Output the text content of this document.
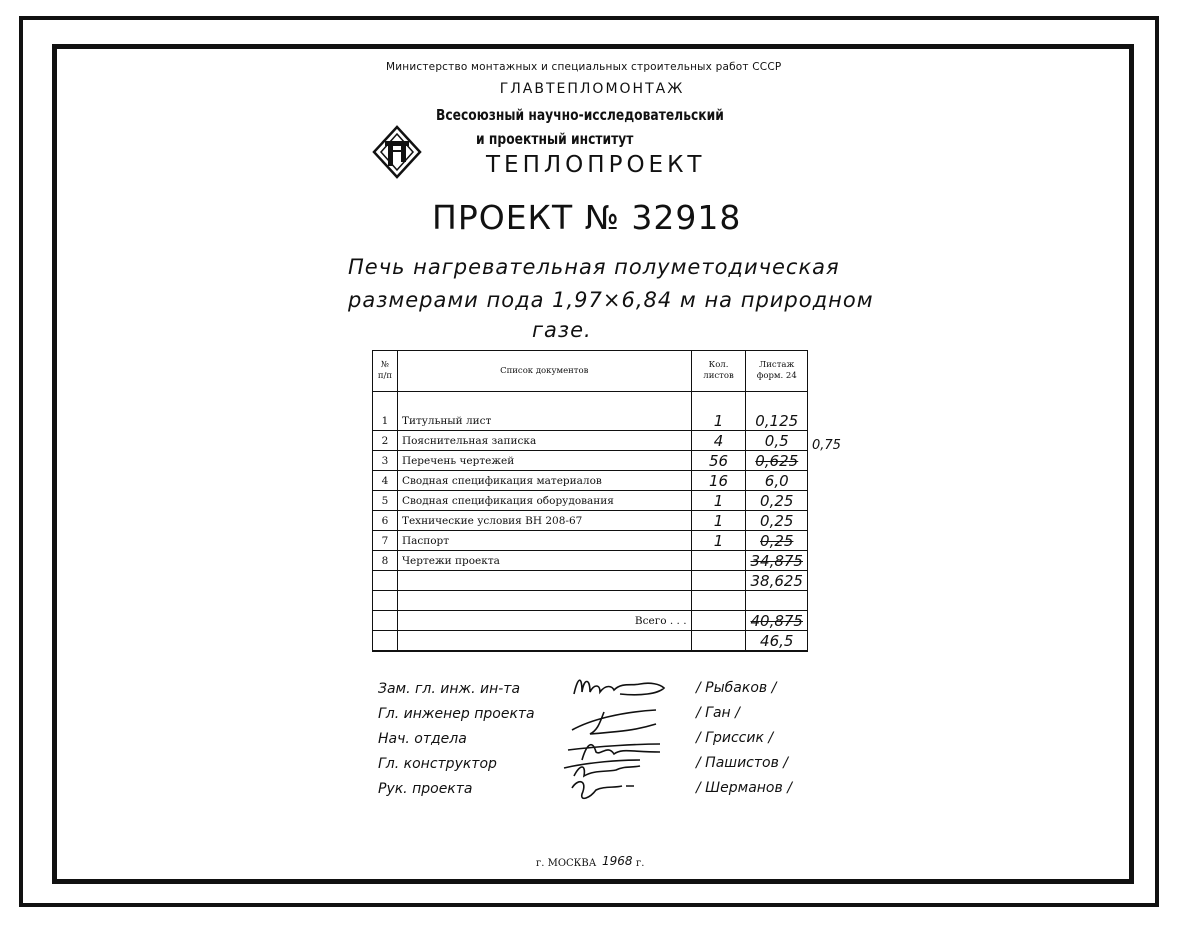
Министерство монтажных и специальных строительных работ СССР
ГЛАВТЕПЛОМОНТАЖ
Всесоюзный научно-исследовательский
и проектный институт
ТЕПЛОПРОЕКТ
ПРОЕКТ № 32918
Печь нагревательная полуметодическая
размерами пода 1,97×6,84 м на природном
газе.
№ п/п	Список документов	Кол. листов	Листаж форм. 24

1	Титульный лист	1	0,125
2	Пояснительная записка	4	0,5
3	Перечень чертежей	56	0,625
4	Сводная спецификация материалов	16	6,0
5	Сводная спецификация оборудования	1	0,25
6	Технические условия ВН 208-67	1	0,25
7	Паспорт	1	0,25
8	Чертежи проекта		34,875
			38,625

	Всего . . .		40,875
			46,5
0,75
Зам. гл. инж. ин-та
Гл. инженер проекта
Нач. отдела
Гл. конструктор
Рук. проекта
/ Рыбаков /
/ Ган /
/ Гриссик /
/ Пашистов /
/ Шерманов /
г. МОСКВА 1968 г.
